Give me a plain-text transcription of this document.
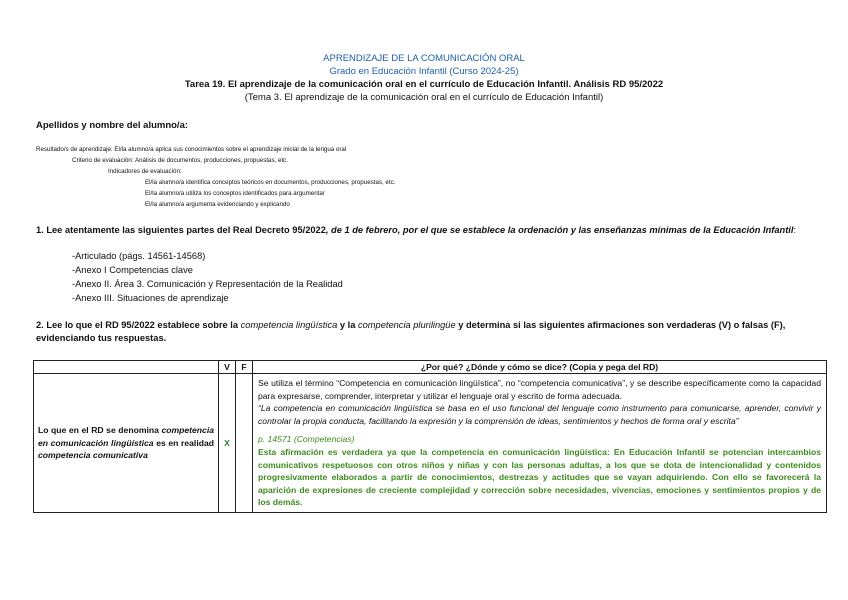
APRENDIZAJE DE LA COMUNICACIÓN ORAL
Grado en Educación Infantil (Curso 2024-25)
Tarea 19. El aprendizaje de la comunicación oral en el currículo de Educación Infantil. Análisis RD 95/2022
(Tema 3. El aprendizaje de la comunicación oral en el currículo de Educación Infantil)
Apellidos y nombre del alumno/a:
Resultado/s de aprendizaje: El/la alumno/a aplica sus conocimientos sobre el aprendizaje inicial de la lengua oral
Criterio de evaluación: Análisis de documentos, producciones, propuestas, etc.
Indicadores de evaluación:
El/la alumno/a identifica conceptos teóricos en documentos, producciones, propuestas, etc.
El/la alumno/a utiliza los conceptos identificados para argumentar
El/la alumno/a argumenta evidenciando y explicando
1. Lee atentamente las siguientes partes del Real Decreto 95/2022, de 1 de febrero, por el que se establece la ordenación y las enseñanzas mínimas de la Educación Infantil:
-Articulado (págs. 14561-14568)
-Anexo I Competencias clave
-Anexo II. Área 3. Comunicación y Representación de la Realidad
-Anexo III. Situaciones de aprendizaje
2. Lee lo que el RD 95/2022 establece sobre la competencia lingüística y la competencia plurilingüe y determina si las siguientes afirmaciones son verdaderas (V) o falsas (F), evidenciando tus respuestas.
	V	F	¿Por qué? ¿Dónde y cómo se dice? (Copia y pega del RD)
Lo que en el RD se denomina competencia en comunicación lingüística es en realidad competencia comunicativa	X		Se utiliza el término “Competencia en comunicación lingüística”, no “competencia comunicativa”, y se describe específicamente como la capacidad para expresarse, comprender, interpretar y utilizar el lenguaje oral y escrito de forma adecuada.

“La competencia en comunicación lingüística se basa en el uso funcional del lenguaje como instrumento para comunicarse, aprender, convivir y controlar la propia conducta, facilitando la expresión y la comprensión de ideas, sentimientos y hechos de forma oral y escrita”

p. 14571 (Competencias)

Esta afirmación es verdadera ya que la competencia en comunicación lingüística: En Educación Infantil se potencian intercambios comunicativos respetuosos con otros niños y niñas y con las personas adultas, a los que se dota de intencionalidad y contenidos progresivamente elaborados a partir de conocimientos, destrezas y actitudes que se vayan adquiriendo. Con ello se favorecerá la aparición de expresiones de creciente complejidad y corrección sobre necesidades, vivencias, emociones y sentimientos propios y de los demás.
